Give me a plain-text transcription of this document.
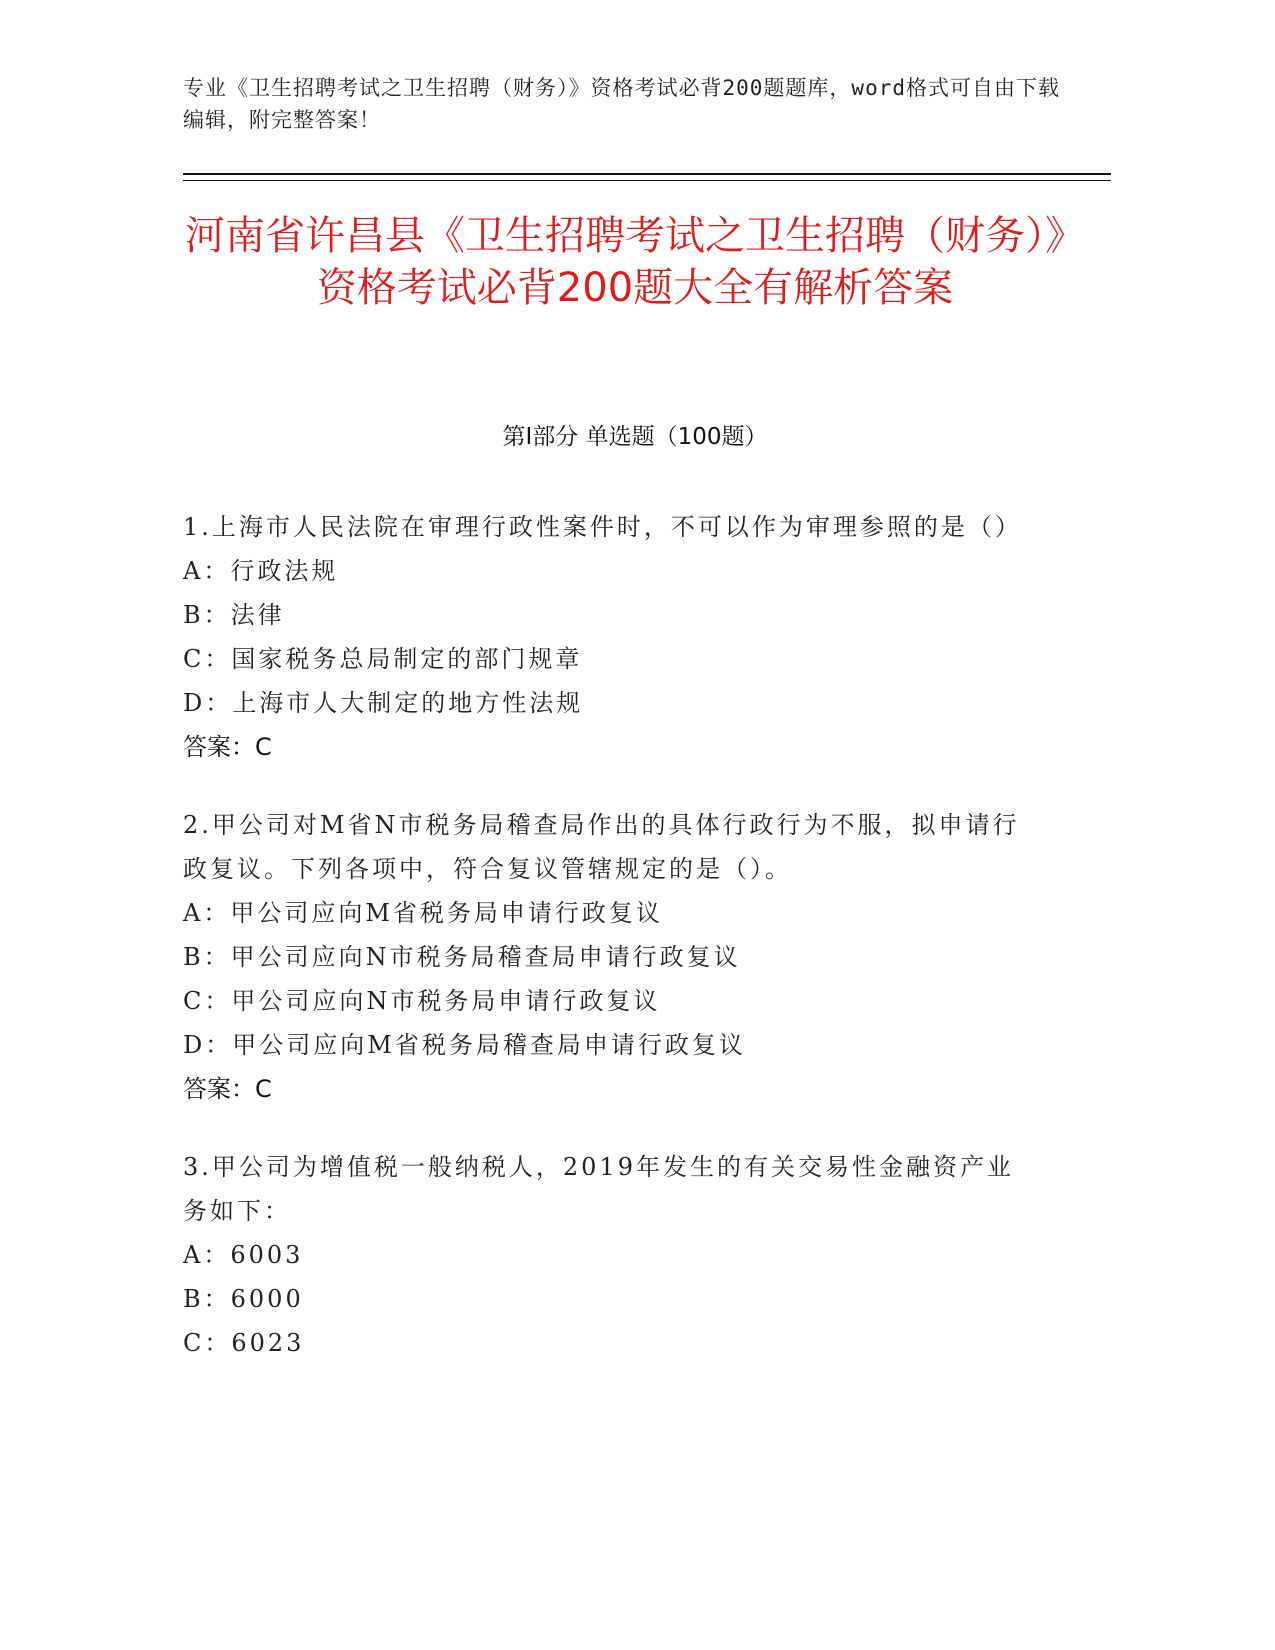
专业《卫生招聘考试之卫生招聘（财务）》资格考试必背200题题库，word格式可自由下载编辑，附完整答案！
河南省许昌县《卫生招聘考试之卫生招聘（财务）》资格考试必背200题大全有解析答案
第I部分 单选题（100题）
1.上海市人民法院在审理行政性案件时，不可以作为审理参照的是（）

A：行政法规

B：法律

C：国家税务总局制定的部门规章

D：上海市人大制定的地方性法规

答案：C
2.甲公司对M省N市税务局稽查局作出的具体行政行为不服，拟申请行政复议。下列各项中，符合复议管辖规定的是（）。

A：甲公司应向M省税务局申请行政复议

B：甲公司应向N市税务局稽查局申请行政复议

C：甲公司应向N市税务局申请行政复议

D：甲公司应向M省税务局稽查局申请行政复议

答案：C
3.甲公司为增值税一般纳税人，2019年发生的有关交易性金融资产业务如下：

A：6003

B：6000

C：6023
